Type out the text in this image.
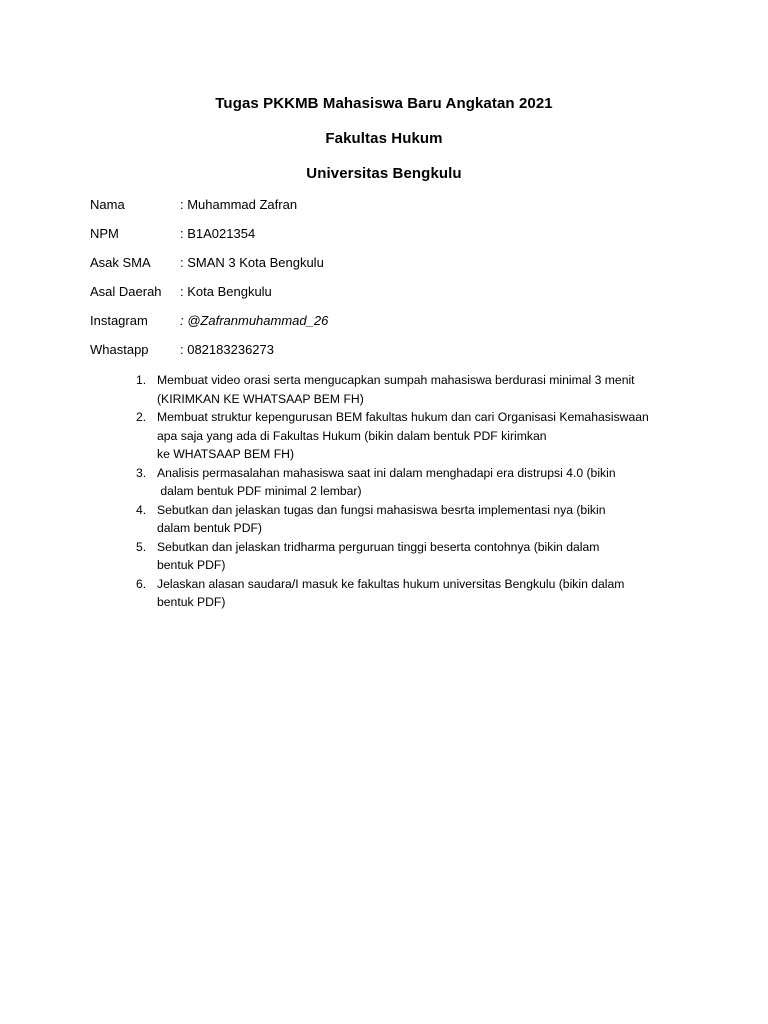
Tugas PKKMB Mahasiswa Baru Angkatan 2021
Fakultas Hukum
Universitas Bengkulu
Nama	: Muhammad Zafran
NPM	: B1A021354
Asak SMA	: SMAN 3 Kota Bengkulu
Asal Daerah	: Kota Bengkulu
Instagram	: @Zafranmuhammad_26
Whastapp	: 082183236273
1. Membuat video orasi serta mengucapkan sumpah mahasiswa berdurasi minimal 3 menit
(KIRIMKAN KE WHATSAAP BEM FH)
2. Membuat struktur kepengurusan BEM fakultas hukum dan cari Organisasi Kemahasiswaan
apa saja yang ada di Fakultas Hukum (bikin dalam bentuk PDF kirimkan
ke WHATSAAP BEM FH)
3. Analisis permasalahan mahasiswa saat ini dalam menghadapi era distrupsi 4.0 (bikin
dalam bentuk PDF minimal 2 lembar)
4. Sebutkan dan jelaskan tugas dan fungsi mahasiswa besrta implementasi nya (bikin
dalam bentuk PDF)
5. Sebutkan dan jelaskan tridharma perguruan tinggi beserta contohnya (bikin dalam
bentuk PDF)
6. Jelaskan alasan saudara/I masuk ke fakultas hukum universitas Bengkulu (bikin dalam
bentuk PDF)
